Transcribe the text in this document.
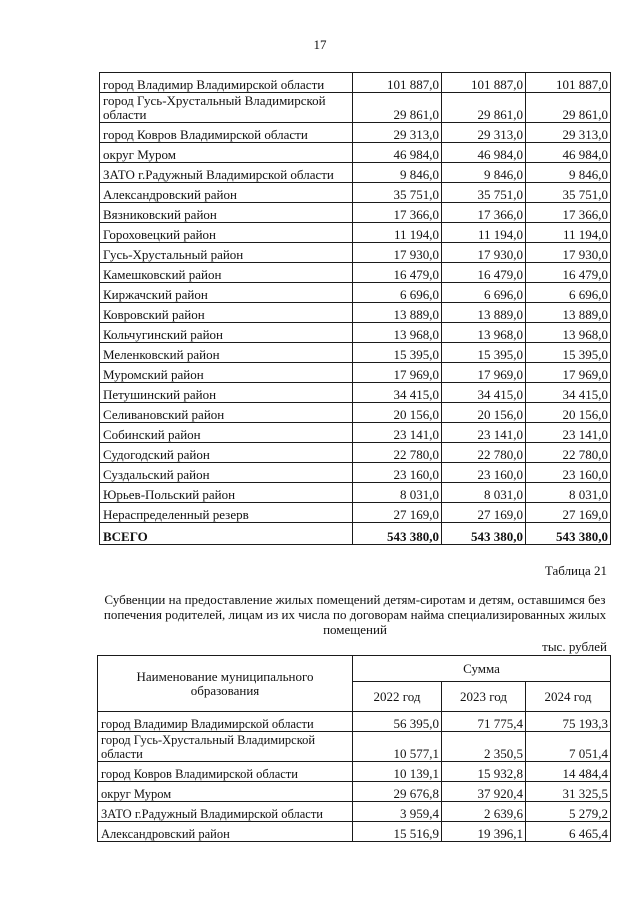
17
город Владимир Владимирской области	101 887,0	101 887,0	101 887,0
город Гусь-Хрустальный Владимирской области	29 861,0	29 861,0	29 861,0
город Ковров Владимирской области	29 313,0	29 313,0	29 313,0
округ Муром	46 984,0	46 984,0	46 984,0
ЗАТО г.Радужный Владимирской области	9 846,0	9 846,0	9 846,0
Александровский район	35 751,0	35 751,0	35 751,0
Вязниковский район	17 366,0	17 366,0	17 366,0
Гороховецкий район	11 194,0	11 194,0	11 194,0
Гусь-Хрустальный район	17 930,0	17 930,0	17 930,0
Камешковский район	16 479,0	16 479,0	16 479,0
Киржачский район	6 696,0	6 696,0	6 696,0
Ковровский район	13 889,0	13 889,0	13 889,0
Кольчугинский район	13 968,0	13 968,0	13 968,0
Меленковский район	15 395,0	15 395,0	15 395,0
Муромский район	17 969,0	17 969,0	17 969,0
Петушинский район	34 415,0	34 415,0	34 415,0
Селивановский район	20 156,0	20 156,0	20 156,0
Собинский район	23 141,0	23 141,0	23 141,0
Судогодский район	22 780,0	22 780,0	22 780,0
Суздальский район	23 160,0	23 160,0	23 160,0
Юрьев-Польский район	8 031,0	8 031,0	8 031,0
Нераспределенный резерв	27 169,0	27 169,0	27 169,0
ВСЕГО	543 380,0	543 380,0	543 380,0
Таблица 21
Субвенции на предоставление жилых помещений детям-сиротам и детям, оставшимся без попечения родителей, лицам из их числа по договорам найма специализированных жилых помещений
тыс. рублей
Наименование муниципального образования	Сумма		
	2022 год	2023 год	2024 год
город Владимир Владимирской области	56 395,0	71 775,4	75 193,3
город Гусь-Хрустальный Владимирской области	10 577,1	2 350,5	7 051,4
город Ковров Владимирской области	10 139,1	15 932,8	14 484,4
округ Муром	29 676,8	37 920,4	31 325,5
ЗАТО г.Радужный Владимирской области	3 959,4	2 639,6	5 279,2
Александровский район	15 516,9	19 396,1	6 465,4
